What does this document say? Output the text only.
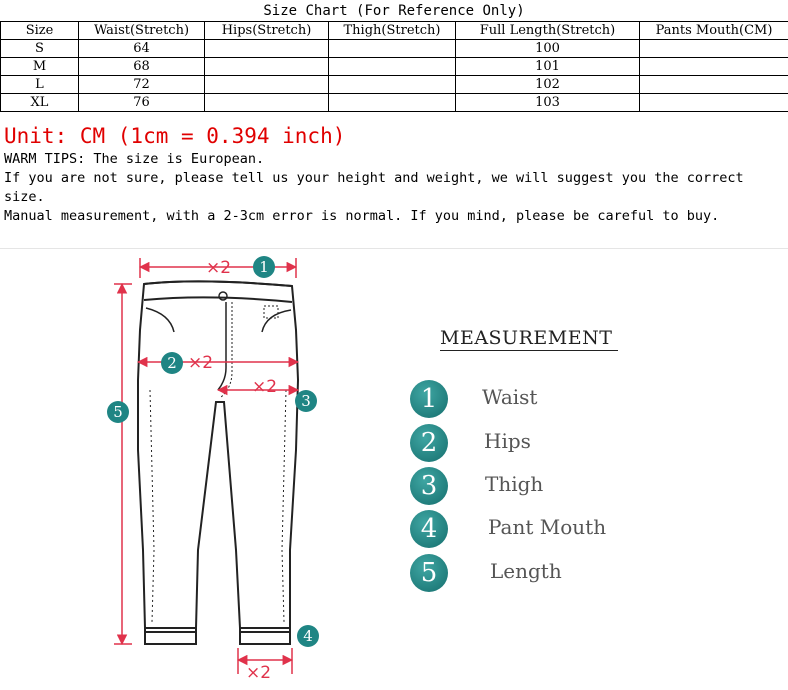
Size Chart (For Reference Only)
Size	Waist(Stretch)	Hips(Stretch)	Thigh(Stretch)	Full Length(Stretch)	Pants Mouth(CM)
S	64			100	
M	68			101	
L	72			102	
XL	76			103	
Unit: CM (1cm = 0.394 inch)

WARM TIPS: The size is European.

If you are not sure, please tell us your height and weight, we will suggest you the correct size.

Manual measurement, with a 2-3cm error is normal. If you mind, please be careful to buy.

×2
×2
×2
×2
1
2
3
4
5
MEASUREMENT
1	Waist
2	Hips
3	Thigh
4	Pant Mouth
5	Length
